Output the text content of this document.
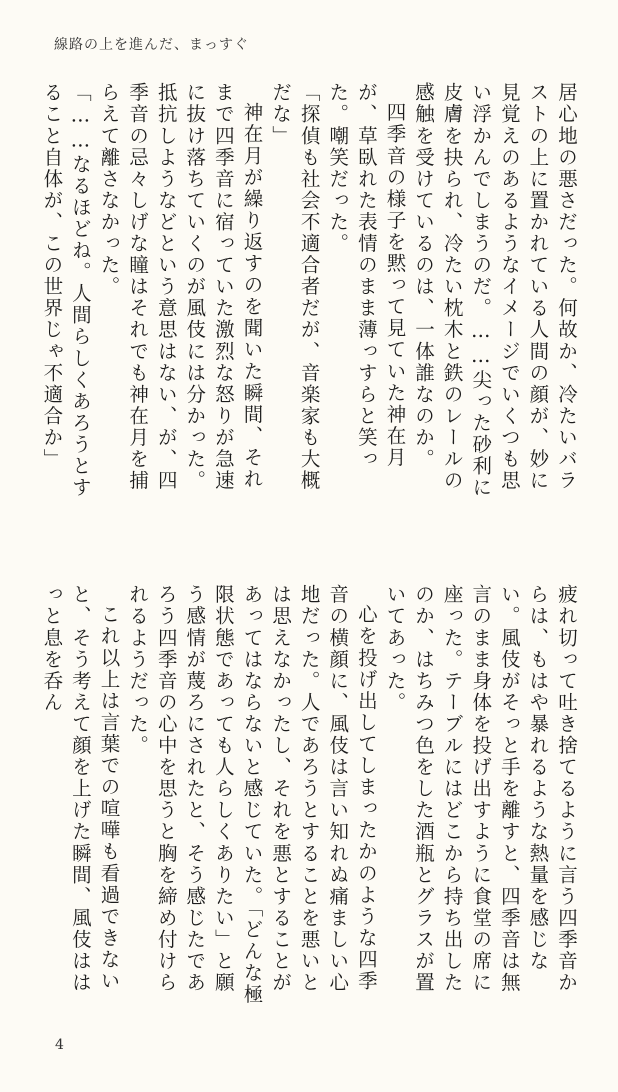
線路の上を進んだ、まっすぐ

居心地の悪さだった。何故か、冷たいバラストの上に置かれている人間の顔が、妙に見覚えのあるようなイメージでいくつも思い浮かんでしまうのだ。……尖った砂利に皮膚を抉られ、冷たい枕木と鉄のレールの感触を受けているのは、一体誰なのか。

四季音の様子を黙って見ていた神在月が、草臥れた表情のまま薄っすらと笑った。嘲笑だった。

「探偵も社会不適合者だが、音楽家も大概だな」

神在月が繰り返すのを聞いた瞬間、それまで四季音に宿っていた激烈な怒りが急速に抜け落ちていくのが風伎には分かった。抵抗しようなどという意思はない、が、四季音の忌々しげな瞳はそれでも神在月を捕らえて離さなかった。

「……なるほどね。人間らしくあろうとすること自体が、この世界じゃ不適合か」

疲れ切って吐き捨てるように言う四季音からは、もはや暴れるような熱量を感じない。風伎がそっと手を離すと、四季音は無言のまま身体を投げ出すように食堂の席に座った。テーブルにはどこから持ち出したのか、はちみつ色をした酒瓶とグラスが置いてあった。

心を投げ出してしまったかのような四季音の横顔に、風伎は言い知れぬ痛ましい心地だった。人であろうとすることを悪いとは思えなかったし、それを悪とすることがあってはならないと感じていた。「どんな極限状態であっても人らしくありたい」と願う感情が蔑ろにされたと、そう感じたであろう四季音の心中を思うと胸を締め付けられるようだった。

これ以上は言葉での喧嘩も看過できないと、そう考えて顔を上げた瞬間、風伎ははっと息を呑ん

4
